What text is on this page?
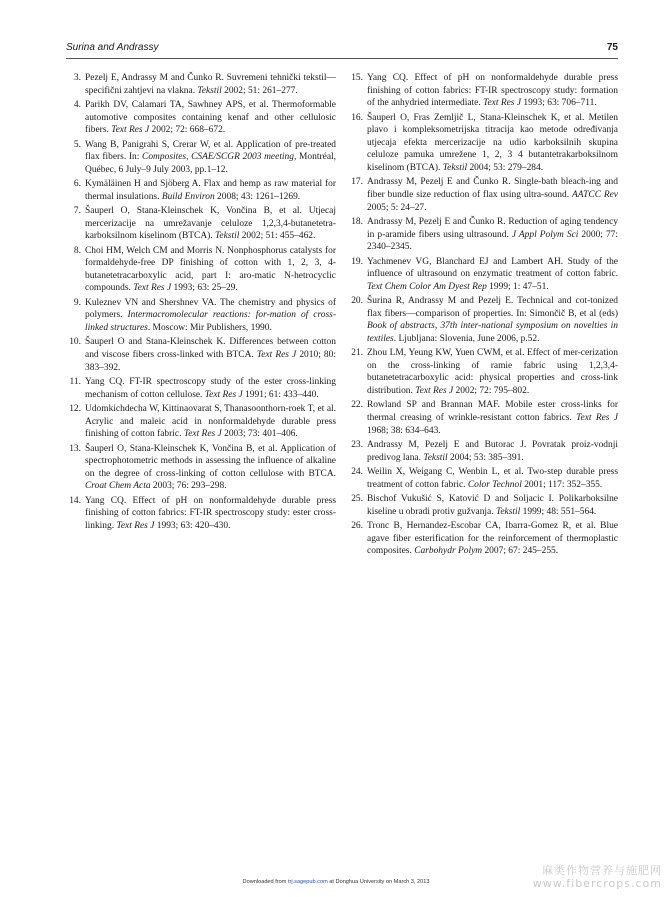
Surina and Andrassy	75
3. Pezelj E, Andrassy M and Čunko R. Suvremeni tehnički tekstil—specifični zahtjevi na vlakna. Tekstil 2002; 51: 261–277.
4. Parikh DV, Calamari TA, Sawhney APS, et al. Thermoformable automotive composites containing kenaf and other cellulosic fibers. Text Res J 2002; 72: 668–672.
5. Wang B, Panigrahi S, Crerar W, et al. Application of pre-treated flax fibers. In: Composites, CSAE/SCGR 2003 meeting, Montréal, Québec, 6 July–9 July 2003, pp.1–12.
6. Kymäläinen H and Sjöberg A. Flax and hemp as raw material for thermal insulations. Build Environ 2008; 43: 1261–1269.
7. Šauperl O, Stana-Kleinschek K, Vončina B, et al. Utjecaj mercerizacije na umrežavanje celuloze 1,2,3,4-butanetetra-karboksilnom kiselinom (BTCA). Tekstil 2002; 51: 455–462.
8. Choi HM, Welch CM and Morris N. Nonphosphorus catalysts for formaldehyde-free DP finishing of cotton with 1, 2, 3, 4-butanetetracarboxylic acid, part I: aro-matic N-hetrocyclic compounds. Text Res J 1993; 63: 25–29.
9. Kuleznev VN and Shershnev VA. The chemistry and physics of polymers. Intermacromolecular reactions: for-mation of cross-linked structures. Moscow: Mir Publishers, 1990.
10. Šauperl O and Stana-Kleinschek K. Differences between cotton and viscose fibers cross-linked with BTCA. Text Res J 2010; 80: 383–392.
11. Yang CQ. FT-IR spectroscopy study of the ester cross-linking mechanism of cotton cellulose. Text Res J 1991; 61: 433–440.
12. Udomkichdecha W, Kittinaovarat S, Thanasoonthorn-roek T, et al. Acrylic and maleic acid in nonformaldehyde durable press finishing of cotton fabric. Text Res J 2003; 73: 401–406.
13. Šauperl O, Stana-Kleinschek K, Vončina B, et al. Application of spectrophotometric methods in assessing the influence of alkaline on the degree of cross-linking of cotton cellulose with BTCA. Croat Chem Acta 2003; 76: 293–298.
14. Yang CQ. Effect of pH on nonformaldehyde durable press finishing of cotton fabrics: FT-IR spectroscopy study: ester cross-linking. Text Res J 1993; 63: 420–430.
15. Yang CQ. Effect of pH on nonformaldehyde durable press finishing of cotton fabrics: FT-IR spectroscopy study: formation of the anhydried intermediate. Text Res J 1993; 63: 706–711.
16. Šauperl O, Fras Zemljič L, Stana-Kleinschek K, et al. Metilen plavo i kompleksometrijska titracija kao metode određivanja utjecaja efekta mercerizacije na udio karboksilnih skupina celuloze pamuka umrežene 1, 2, 3 4 butantetrakarboksilnom kiselinom (BTCA). Tekstil 2004; 53: 279–284.
17. Andrassy M, Pezelj E and Čunko R. Single-bath bleach-ing and fiber bundle size reduction of flax using ultra-sound. AATCC Rev 2005; 5: 24–27.
18. Andrassy M, Pezelj E and Čunko R. Reduction of aging tendency in p-aramide fibers using ultrasound. J Appl Polym Sci 2000; 77: 2340–2345.
19. Yachmenev VG, Blanchard EJ and Lambert AH. Study of the influence of ultrasound on enzymatic treatment of cotton fabric. Text Chem Color Am Dyest Rep 1999; 1: 47–51.
20. Šurina R, Andrassy M and Pezelj E. Technical and cot-tonized flax fibers—comparison of properties. In: Simončič B, et al (eds) Book of abstracts, 37th inter-national symposium on novelties in textiles. Ljubljana: Slovenia, June 2006, p.52.
21. Zhou LM, Yeung KW, Yuen CWM, et al. Effect of mer-cerization on the cross-linking of ramie fabric using 1,2,3,4-butanetetracarboxylic acid: physical properties and cross-link distribution. Text Res J 2002; 72: 795–802.
22. Rowland SP and Brannan MAF. Mobile ester cross-links for thermal creasing of wrinkle-resistant cotton fabrics. Text Res J 1968; 38: 634–643.
23. Andrassy M, Pezelj E and Butorac J. Povratak proiz-vodnji predivog lana. Tekstil 2004; 53: 385–391.
24. Weilin X, Weigang C, Wenbin L, et al. Two-step durable press treatment of cotton fabric. Color Technol 2001; 117: 352–355.
25. Bischof Vukušić S, Katović D and Soljacic I. Polikarboksilne kiseline u obradi protiv gužvanja. Tekstil 1999; 48: 551–564.
26. Tronc B, Hernandez-Escobar CA, Ibarra-Gomez R, et al. Blue agave fiber esterification for the reinforcement of thermoplastic composites. Carbohydr Polym 2007; 67: 245–255.
Downloaded from trj.sagepub.com at Donghua University on March 3, 2013
麻类作物营养与施肥网
www.fibercrops.com
